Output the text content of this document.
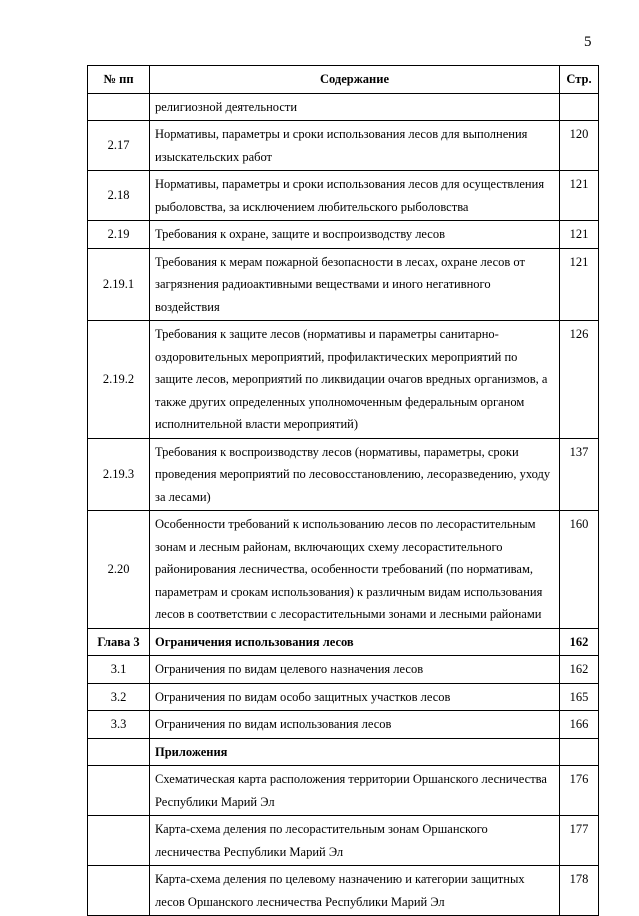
5
№ пп	Содержание	Стр.
	религиозной деятельности	
2.17	Нормативы, параметры и сроки использования лесов для выполнения изыскательских работ	120
2.18	Нормативы, параметры и сроки использования лесов для осуществления рыболовства, за исключением любительского рыболовства	121
2.19	Требования к охране, защите и воспроизводству лесов	121
2.19.1	Требования к мерам пожарной безопасности в лесах, охране лесов от загрязнения радиоактивными веществами и иного негативного воздействия	121
2.19.2	Требования к защите лесов (нормативы и параметры санитарно-оздоровительных мероприятий, профилактических мероприятий по защите лесов, мероприятий по ликвидации очагов вредных организмов, а также других определенных уполномоченным федеральным органом исполнительной власти мероприятий)	126
2.19.3	Требования к воспроизводству лесов (нормативы, параметры, сроки проведения мероприятий по лесовосстановлению, лесоразведению, уходу за лесами)	137
2.20	Особенности требований к использованию лесов по лесорастительным зонам и лесным районам, включающих схему лесорастительного районирования лесничества, особенности требований (по нормативам, параметрам и срокам использования) к различным видам использования лесов в соответствии с лесорастительными зонами и лесными районами	160
Глава 3	Ограничения использования лесов	162
3.1	Ограничения по видам целевого назначения лесов	162
3.2	Ограничения по видам особо защитных участков лесов	165
3.3	Ограничения по видам использования лесов	166
	Приложения	
	Схематическая карта расположения территории Оршанского лесничества Республики Марий Эл	176
	Карта-схема деления по лесорастительным зонам Оршанского лесничества Республики Марий Эл	177
	Карта-схема деления по целевому назначению и категории защитных лесов Оршанского лесничества Республики Марий Эл	178
